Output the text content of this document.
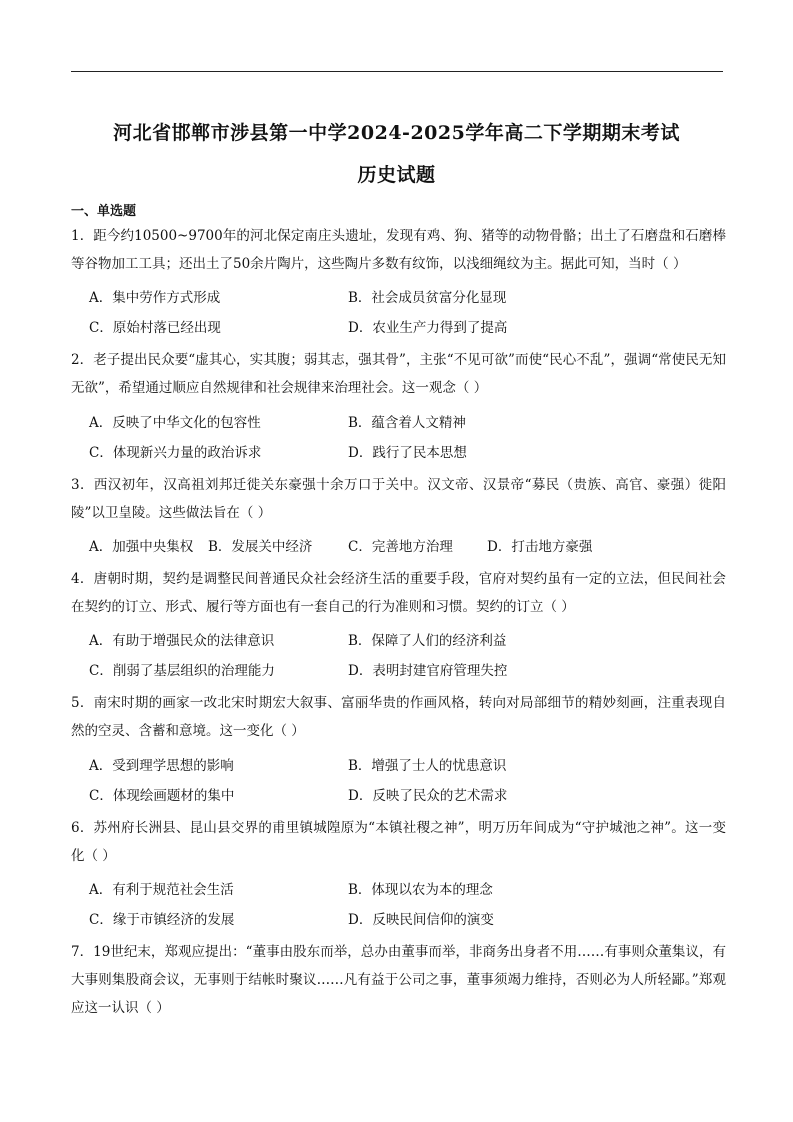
河北省邯郸市涉县第一中学2024-2025学年高二下学期期末考试
历史试题
一、单选题
1．距今约10500~9700年的河北保定南庄头遗址，发现有鸡、狗、猪等的动物骨骼；出土了石磨盘和石磨棒等谷物加工工具；还出土了50余片陶片，这些陶片多数有纹饰，以浅细绳纹为主。据此可知，当时（ ）
A．集中劳作方式形成	B．社会成员贫富分化显现
C．原始村落已经出现	D．农业生产力得到了提高
2．老子提出民众要“虚其心，实其腹；弱其志，强其骨”，主张“不见可欲”而使“民心不乱”，强调“常使民无知无欲”，希望通过顺应自然规律和社会规律来治理社会。这一观念（ ）
A．反映了中华文化的包容性	B．蕴含着人文精神
C．体现新兴力量的政治诉求	D．践行了民本思想
3．西汉初年，汉高祖刘邦迁徙关东豪强十余万口于关中。汉文帝、汉景帝“募民（贵族、高官、豪强）徙阳陵”以卫皇陵。这些做法旨在（ ）
A．加强中央集权 B．发展关中经济	C．完善地方治理	D．打击地方豪强
4．唐朝时期，契约是调整民间普通民众社会经济生活的重要手段，官府对契约虽有一定的立法，但民间社会在契约的订立、形式、履行等方面也有一套自己的行为准则和习惯。契约的订立（ ）
A．有助于增强民众的法律意识	B．保障了人们的经济利益
C．削弱了基层组织的治理能力	D．表明封建官府管理失控
5．南宋时期的画家一改北宋时期宏大叙事、富丽华贵的作画风格，转向对局部细节的精妙刻画，注重表现自然的空灵、含蓄和意境。这一变化（ ）
A．受到理学思想的影响	B．增强了士人的忧患意识
C．体现绘画题材的集中	D．反映了民众的艺术需求
6．苏州府长洲县、昆山县交界的甫里镇城隍原为“本镇社稷之神”，明万历年间成为“守护城池之神”。这一变化（ ）
A．有利于规范社会生活	B．体现以农为本的理念
C．缘于市镇经济的发展	D．反映民间信仰的演变
7．19世纪末，郑观应提出：“董事由股东而举，总办由董事而举，非商务出身者不用……有事则众董集议，有大事则集股商会议，无事则于结帐时聚议……凡有益于公司之事，董事须竭力维持，否则必为人所轻鄙。”郑观应这一认识（ ）
